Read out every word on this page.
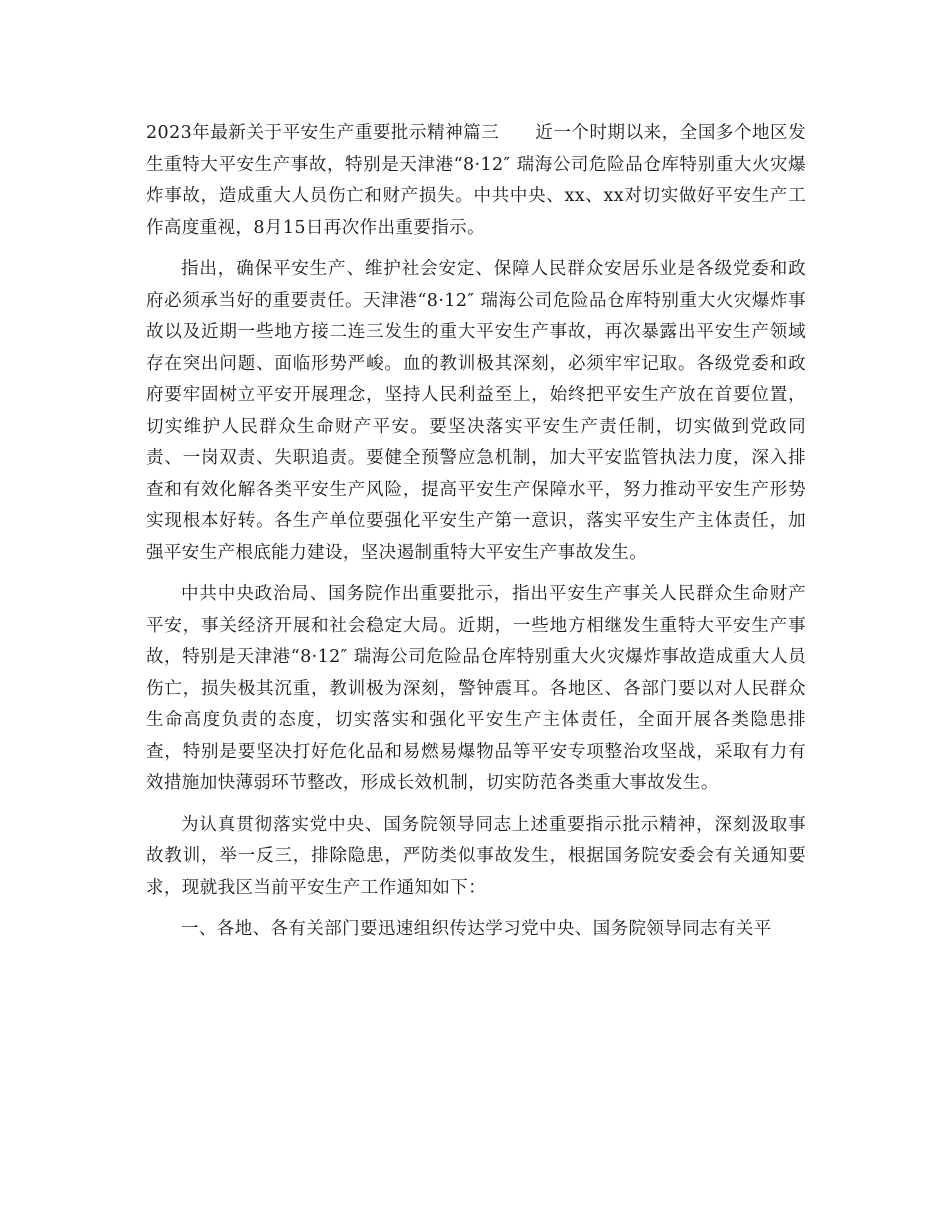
2023年最新关于平安生产重要批示精神篇三 近一个时期以来，全国多个地区发生重特大平安生产事故，特别是天津港“8·12″ 瑞海公司危险品仓库特别重大火灾爆炸事故，造成重大人员伤亡和财产损失。中共中央、xx、xx对切实做好平安生产工作高度重视，8月15日再次作出重要指示。

指出，确保平安生产、维护社会安定、保障人民群众安居乐业是各级党委和政府必须承当好的重要责任。天津港“8·12″ 瑞海公司危险品仓库特别重大火灾爆炸事故以及近期一些地方接二连三发生的重大平安生产事故，再次暴露出平安生产领域存在突出问题、面临形势严峻。血的教训极其深刻，必须牢牢记取。各级党委和政府要牢固树立平安开展理念，坚持人民利益至上，始终把平安生产放在首要位置，切实维护人民群众生命财产平安。要坚决落实平安生产责任制，切实做到党政同责、一岗双责、失职追责。要健全预警应急机制，加大平安监管执法力度，深入排查和有效化解各类平安生产风险，提高平安生产保障水平，努力推动平安生产形势实现根本好转。各生产单位要强化平安生产第一意识，落实平安生产主体责任，加强平安生产根底能力建设，坚决遏制重特大平安生产事故发生。

中共中央政治局、国务院作出重要批示，指出平安生产事关人民群众生命财产平安，事关经济开展和社会稳定大局。近期，一些地方相继发生重特大平安生产事故，特别是天津港“8·12″ 瑞海公司危险品仓库特别重大火灾爆炸事故造成重大人员伤亡，损失极其沉重，教训极为深刻，警钟震耳。各地区、各部门要以对人民群众生命高度负责的态度，切实落实和强化平安生产主体责任，全面开展各类隐患排查，特别是要坚决打好危化品和易燃易爆物品等平安专项整治攻坚战，采取有力有效措施加快薄弱环节整改，形成长效机制，切实防范各类重大事故发生。

为认真贯彻落实党中央、国务院领导同志上述重要指示批示精神，深刻汲取事故教训，举一反三，排除隐患，严防类似事故发生，根据国务院安委会有关通知要求，现就我区当前平安生产工作通知如下：

一、各地、各有关部门要迅速组织传达学习党中央、国务院领导同志有关平
